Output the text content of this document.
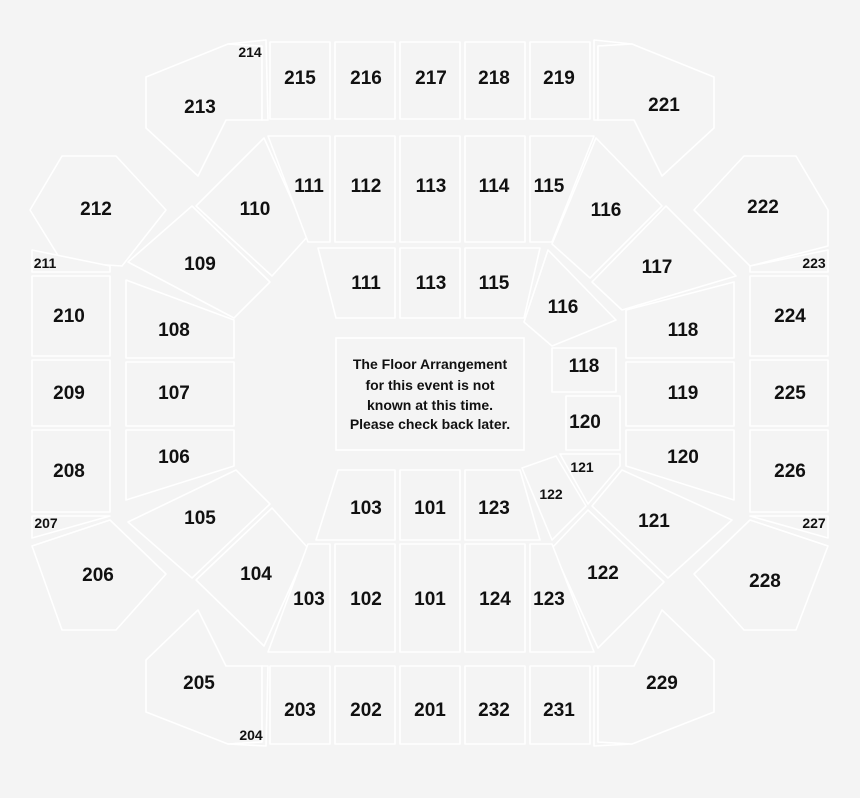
213
214
215 216 217 218 219
221
212
211
210
209
208
207
206
222
223
224
225
226
227
228
205
204
203 202 201 232 231
229
110
111 112 113 114 115
116
117
111 113 115
116
109
108
107
106
105
104
118
119
120
121
122
118
120
121
122
103 101 123
103 102 101 124 123
The Floor Arrangement
for this event is not
known at this time.
Please check back later.
